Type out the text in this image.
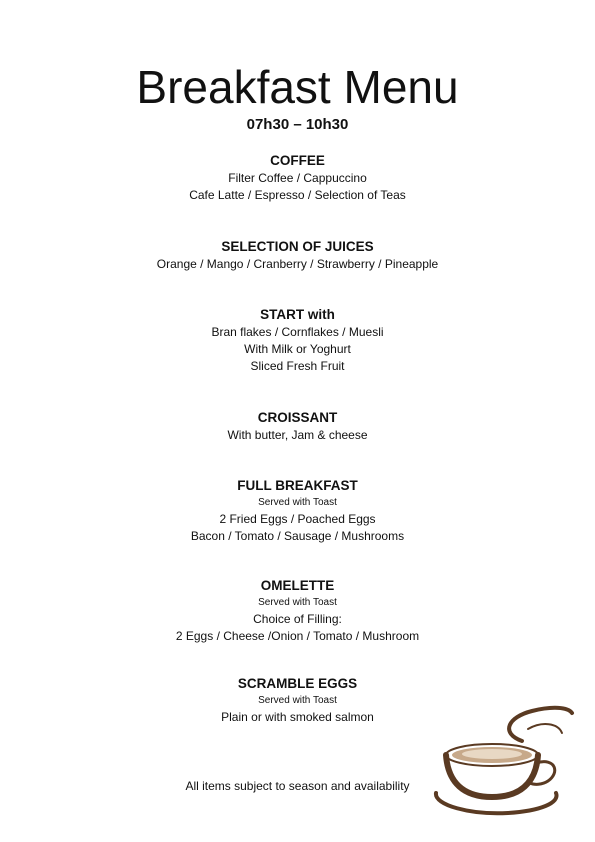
Breakfast Menu
07h30 – 10h30

COFFEE

Filter Coffee / Cappuccino

Cafe Latte / Espresso / Selection of Teas

SELECTION OF JUICES

Orange / Mango / Cranberry / Strawberry / Pineapple

START with

Bran flakes / Cornflakes / Muesli

With Milk or Yoghurt

Sliced Fresh Fruit

CROISSANT

With butter, Jam & cheese

FULL BREAKFAST

Served with Toast

2 Fried Eggs / Poached Eggs

Bacon / Tomato / Sausage / Mushrooms

OMELETTE

Served with Toast

Choice of Filling:

2 Eggs / Cheese /Onion / Tomato / Mushroom

SCRAMBLE EGGS

Served with Toast

Plain or with smoked salmon

All items subject to season and availability
